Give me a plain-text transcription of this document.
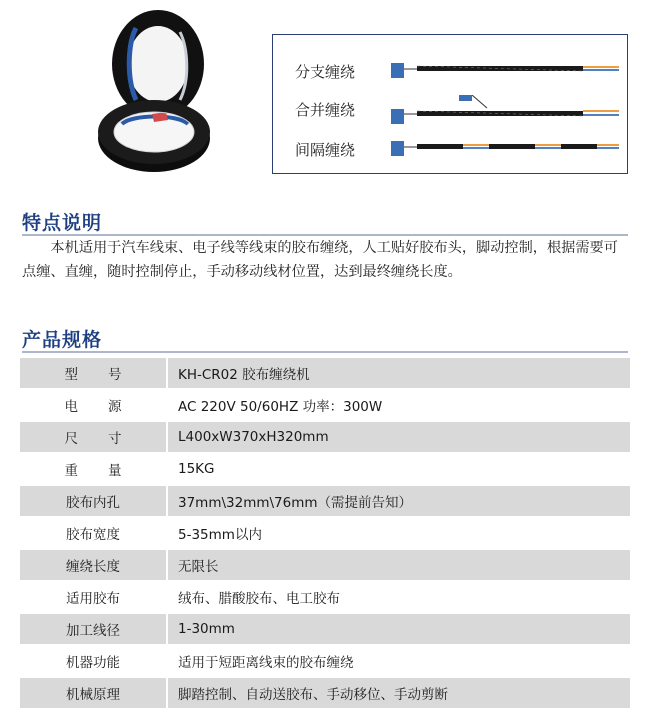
分支缠绕
合并缠绕
间隔缠绕
特点说明

本机适用于汽车线束、电子线等线束的胶布缠绕，人工贴好胶布头，脚动控制，根据需要可点缠、直缠，随时控制停止，手动移动线材位置，达到最终缠绕长度。

产品规格
型号	KH-CR02 胶布缠绕机
电源	AC 220V 50/60HZ 功率：300W
尺寸	L400xW370xH320mm
重量	15KG
胶布内孔	37mm\32mm\76mm（需提前告知）
胶布宽度	5-35mm以内
缠绕长度	无限长
适用胶布	绒布、腊酸胶布、电工胶布
加工线径	1-30mm
机器功能	适用于短距离线束的胶布缠绕
机械原理	脚踏控制、自动送胶布、手动移位、手动剪断
